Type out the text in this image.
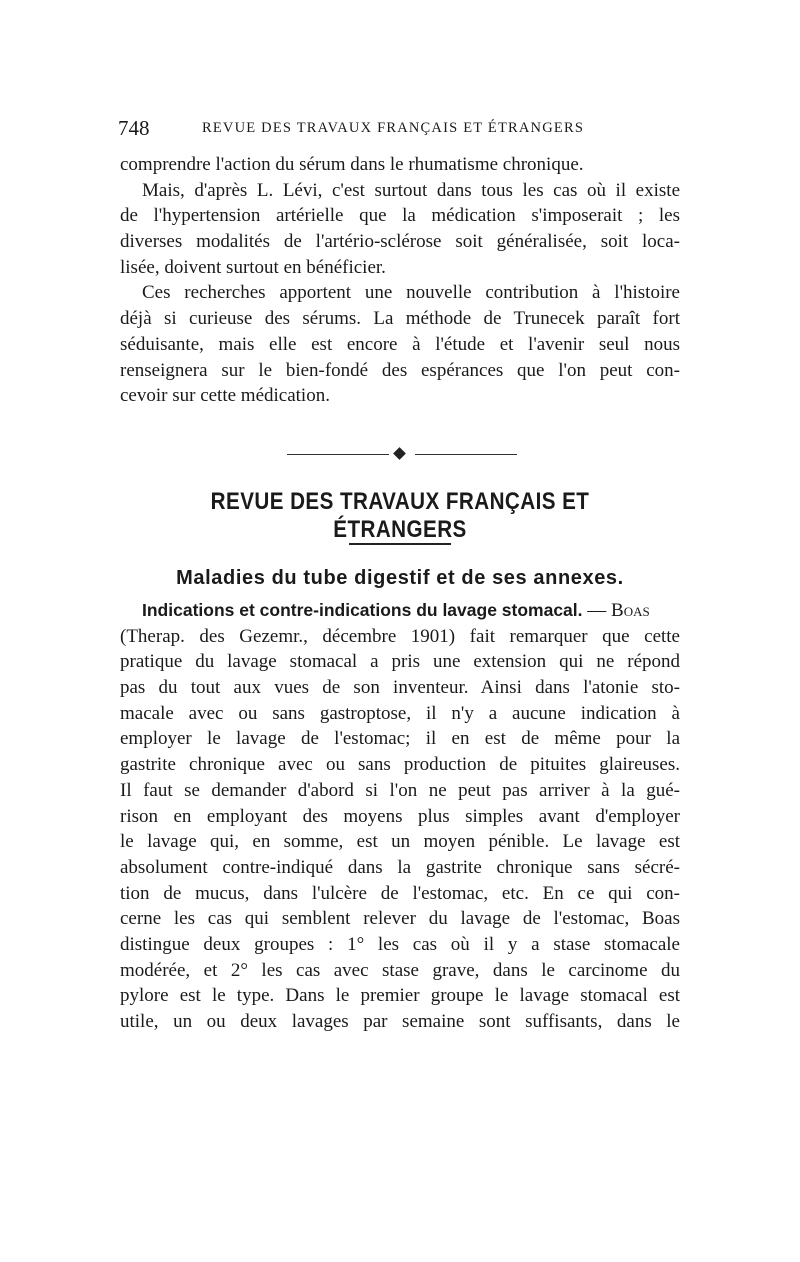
748	REVUE DES TRAVAUX FRANÇAIS ET ÉTRANGERS
comprendre l'action du sérum dans le rhumatisme chronique.
Mais, d'après L. Lévi, c'est surtout dans tous les cas où il existe
de l'hypertension artérielle que la médication s'imposerait ; les
diverses modalités de l'artério-sclérose soit généralisée, soit loca-
lisée, doivent surtout en bénéficier.
Ces recherches apportent une nouvelle contribution à l'histoire
déjà si curieuse des sérums. La méthode de Trunecek paraît fort
séduisante, mais elle est encore à l'étude et l'avenir seul nous
renseignera sur le bien-fondé des espérances que l'on peut con-
cevoir sur cette médication.
REVUE DES TRAVAUX FRANÇAIS ET ÉTRANGERS
Maladies du tube digestif et de ses annexes.
Indications et contre-indications du lavage stomacal. — Boas
(Therap. des Gezemr., décembre 1901) fait remarquer que cette
pratique du lavage stomacal a pris une extension qui ne répond
pas du tout aux vues de son inventeur. Ainsi dans l'atonie sto-
macale avec ou sans gastroptose, il n'y a aucune indication à
employer le lavage de l'estomac; il en est de même pour la
gastrite chronique avec ou sans production de pituites glaireuses.
Il faut se demander d'abord si l'on ne peut pas arriver à la gué-
rison en employant des moyens plus simples avant d'employer
le lavage qui, en somme, est un moyen pénible. Le lavage est
absolument contre-indiqué dans la gastrite chronique sans sécré-
tion de mucus, dans l'ulcère de l'estomac, etc. En ce qui con-
cerne les cas qui semblent relever du lavage de l'estomac, Boas
distingue deux groupes : 1° les cas où il y a stase stomacale
modérée, et 2° les cas avec stase grave, dans le carcinome du
pylore est le type. Dans le premier groupe le lavage stomacal est
utile, un ou deux lavages par semaine sont suffisants, dans le
